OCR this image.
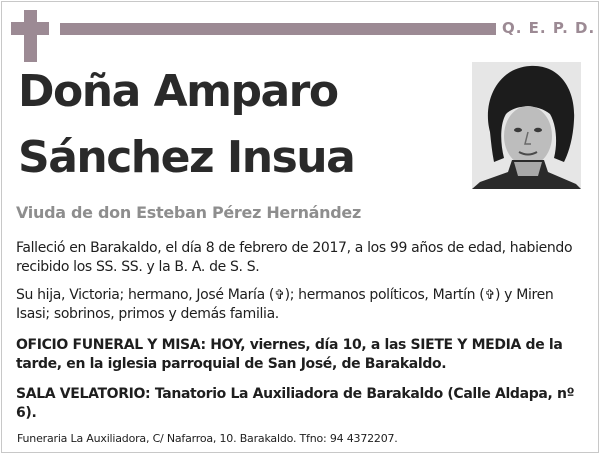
Q. E. P. D.
Doña Amparo
Sánchez Insua
Viuda de don Esteban Pérez Hernández
Falleció en Barakaldo, el día 8 de febrero de 2017, a los 99 años de edad, habiendo recibido los SS. SS. y la B. A. de S. S.
Su hija, Victoria; hermano, José María (✞); hermanos políticos, Martín (✞) y Miren Isasi; sobrinos, primos y demás familia.
OFICIO FUNERAL Y MISA: HOY, viernes, día 10, a las SIETE Y MEDIA de la tarde, en la iglesia parroquial de San José, de Barakaldo.
SALA VELATORIO: Tanatorio La Auxiliadora de Barakaldo (Calle Aldapa, nº 6).
Funeraria La Auxiliadora, C/ Nafarroa, 10. Barakaldo. Tfno: 94 4372207.
